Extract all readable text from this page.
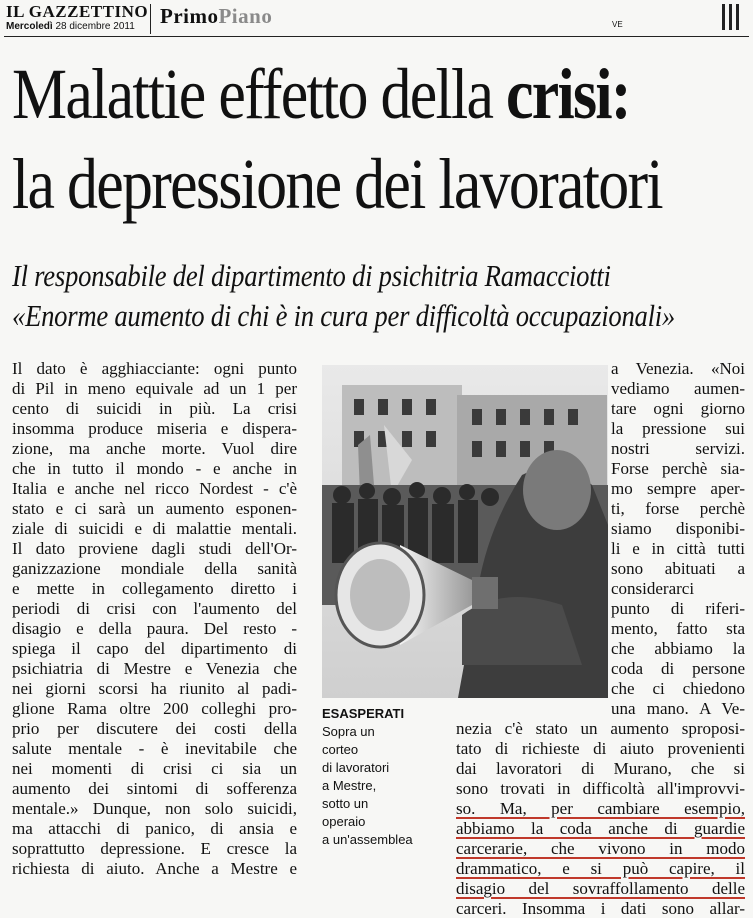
IL GAZZETTINO
Mercoledì 28 dicembre 2011 PrimoPiano	VE
Malattie effetto della crisi:
la depressione dei lavoratori
Il responsabile del dipartimento di psichitria Ramacciotti
«Enorme aumento di chi è in cura per difficoltà occupazionali»
Il dato è agghiacciante: ogni punto
di Pil in meno equivale ad un 1 per
cento di suicidi in più. La crisi
insomma produce miseria e dispera-
zione, ma anche morte. Vuol dire
che in tutto il mondo - e anche in
Italia e anche nel ricco Nordest - c'è
stato e ci sarà un aumento esponen-
ziale di suicidi e di malattie mentali.
Il dato proviene dagli studi dell'Or-
ganizzazione mondiale della sanità
e mette in collegamento diretto i
periodi di crisi con l'aumento del
disagio e della paura. Del resto -
spiega il capo del dipartimento di
psichiatria di Mestre e Venezia che
nei giorni scorsi ha riunito al padi-
glione Rama oltre 200 colleghi pro-
prio per discutere dei costi della
salute mentale - è inevitabile che
nei momenti di crisi ci sia un
aumento dei sintomi di sofferenza
mentale.» Dunque, non solo suicidi,
ma attacchi di panico, di ansia e
soprattutto depressione. E cresce la
richiesta di aiuto. Anche a Mestre e
ESASPERATI
Sopra un
corteo
di lavoratori
a Mestre,
sotto un
operaio
a un'assemblea
a Venezia. «Noi
vediamo aumen-
tare ogni giorno
la pressione sui
nostri servizi.
Forse perchè sia-
mo sempre aper-
ti, forse perchè
siamo disponibi-
li e in città tutti
sono abituati a
considerarci
punto di riferi-
mento, fatto sta
che abbiamo la
coda di persone
che ci chiedono
una mano. A Ve-
nezia c'è stato un aumento sproposi-
tato di richieste di aiuto provenienti
dai lavoratori di Murano, che si
sono trovati in difficoltà all'improvvi-
so. Ma, per cambiare esempio,
abbiamo la coda anche di guardie
carcerarie, che vivono in modo
drammatico, e si può capire, il
disagio del sovraffollamento delle
carceri. Insomma i dati sono allar-
